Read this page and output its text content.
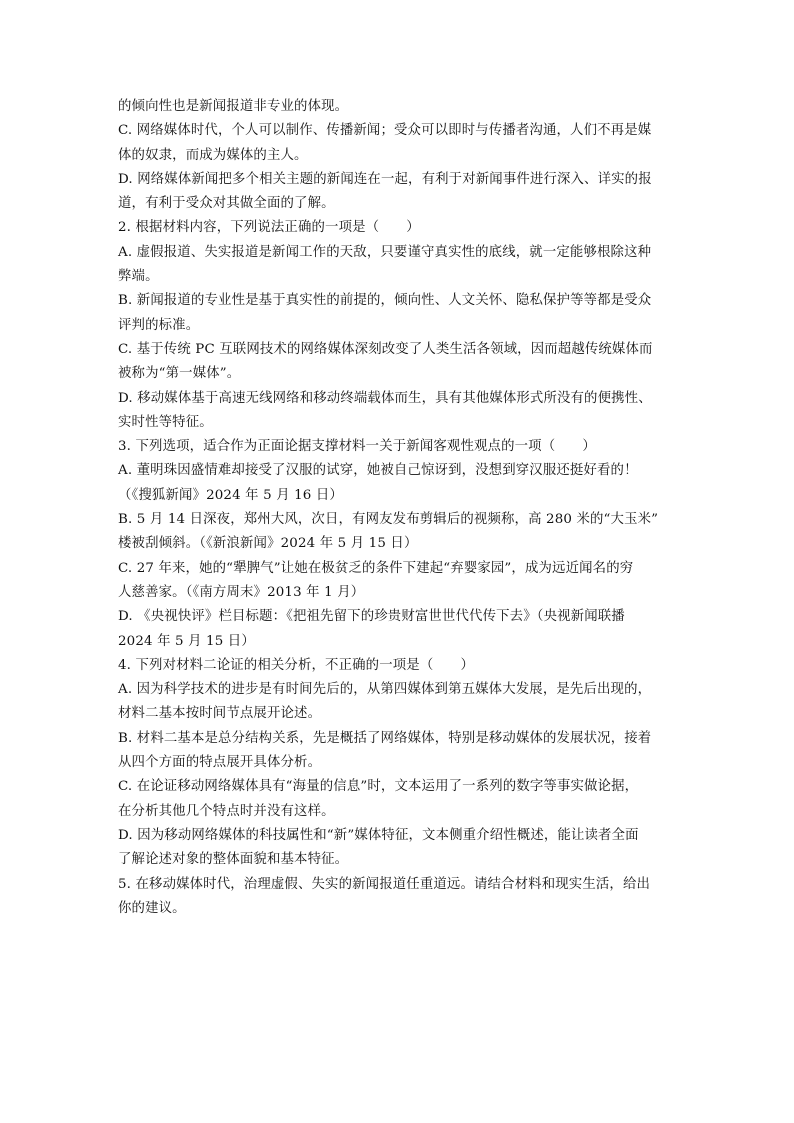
的倾向性也是新闻报道非专业的体现。
C. 网络媒体时代，个人可以制作、传播新闻；受众可以即时与传播者沟通，人们不再是媒
体的奴隶，而成为媒体的主人。
D. 网络媒体新闻把多个相关主题的新闻连在一起，有利于对新闻事件进行深入、详实的报
道，有利于受众对其做全面的了解。
2. 根据材料内容，下列说法正确的一项是（　　）
A. 虚假报道、失实报道是新闻工作的天敌，只要谨守真实性的底线，就一定能够根除这种
弊端。
B. 新闻报道的专业性是基于真实性的前提的，倾向性、人文关怀、隐私保护等等都是受众
评判的标准。
C. 基于传统 PC 互联网技术的网络媒体深刻改变了人类生活各领域，因而超越传统媒体而
被称为“第一媒体”。
D. 移动媒体基于高速无线网络和移动终端载体而生，具有其他媒体形式所没有的便携性、
实时性等特征。
3. 下列选项，适合作为正面论据支撑材料一关于新闻客观性观点的一项（　　）
A. 董明珠因盛情难却接受了汉服的试穿，她被自己惊讶到，没想到穿汉服还挺好看的！
（《搜狐新闻》2024 年 5 月 16 日）
B. 5 月 14 日深夜，郑州大风，次日，有网友发布剪辑后的视频称，高 280 米的“大玉米”
楼被刮倾斜。（《新浪新闻》2024 年 5 月 15 日）
C. 27 年来，她的“犟脾气”让她在极贫乏的条件下建起“弃婴家园”，成为远近闻名的穷
人慈善家。（《南方周末》2013 年 1 月）
D. 《央视快评》栏目标题：《把祖先留下的珍贵财富世世代代传下去》（央视新闻联播
2024 年 5 月 15 日）
4. 下列对材料二论证的相关分析，不正确的一项是（　　）
A. 因为科学技术的进步是有时间先后的，从第四媒体到第五媒体大发展，是先后出现的，
材料二基本按时间节点展开论述。
B. 材料二基本是总分结构关系，先是概括了网络媒体，特别是移动媒体的发展状况，接着
从四个方面的特点展开具体分析。
C. 在论证移动网络媒体具有“海量的信息”时，文本运用了一系列的数字等事实做论据，
在分析其他几个特点时并没有这样。
D. 因为移动网络媒体的科技属性和“新”媒体特征，文本侧重介绍性概述，能让读者全面
了解论述对象的整体面貌和基本特征。
5. 在移动媒体时代，治理虚假、失实的新闻报道任重道远。请结合材料和现实生活，给出
你的建议。
